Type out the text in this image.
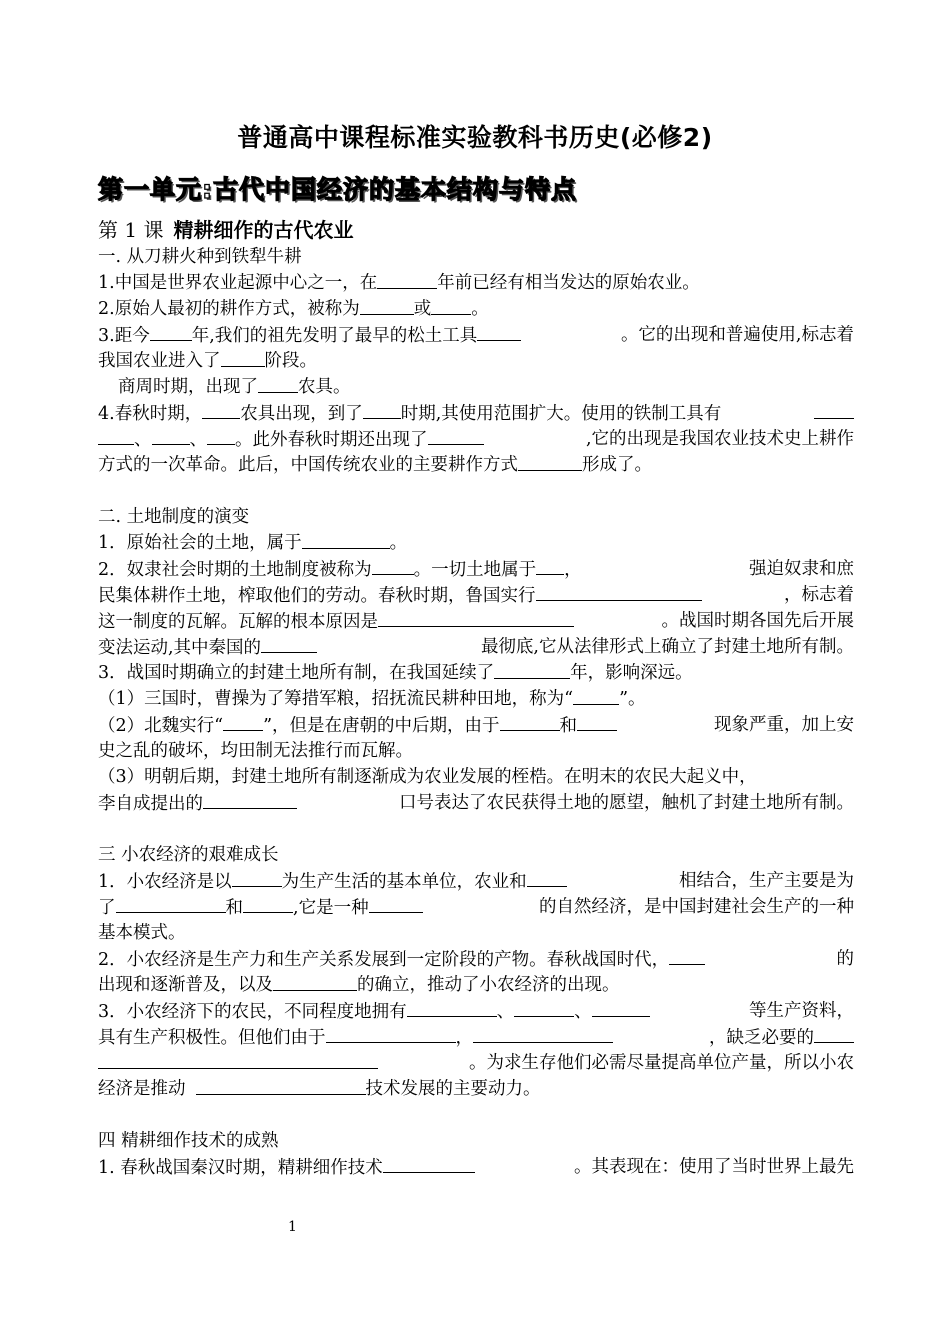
普通高中课程标准实验教科书历史(必修2)
第一单元:古代中国经济的基本结构与特点
第 1 课 精耕细作的古代农业
一. 从刀耕火种到铁犁牛耕
1.中国是世界农业起源中心之一，在	年前已经有相当发达的原始农业。
2.原始人最初的耕作方式，被称为	或 。
3.距今 年,我们的祖先发明了最早的松土工具	。它的出现和普遍使用,标志着
我国农业进入了	阶段。
商周时期，出现了 农具。
4.春秋时期， 农具出现，到了 时期,其使用范围扩大。使用的铁制工具有
、 、 。此外春秋时期还出现了	,它的出现是我国农业技术史上耕作
方式的一次革命。此后，中国传统农业的主要耕作方式	形成了。
二. 土地制度的演变
1．原始社会的土地，属于	。
2．奴隶社会时期的土地制度被称为 。一切土地属于 ，	强迫奴隶和庶
民集体耕作土地，榨取他们的劳动。春秋时期，鲁国实行	，标志着
这一制度的瓦解。瓦解的根本原因是	。战国时期各国先后开展
变法运动,其中秦国的	最彻底,它从法律形式上确立了封建土地所有制。
3．战国时期确立的封建土地所有制，在我国延续了	年，影响深远。
（1）三国时，曹操为了筹措军粮，招抚流民耕种田地，称为“	”。
（2）北魏实行“ ”，但是在唐朝的中后期，由于	和	现象严重，加上安
史之乱的破坏，均田制无法推行而瓦解。
（3）明朝后期，封建土地所有制逐渐成为农业发展的桎梏。在明末的农民大起义中，
李自成提出的	口号表达了农民获得土地的愿望，触机了封建土地所有制。
三 小农经济的艰难成长
1．小农经济是以	为生产生活的基本单位，农业和	相结合，生产主要是为
了	和	,它是一种	的自然经济，是中国封建社会生产的一种
基本模式。
2．小农经济是生产力和生产关系发展到一定阶段的产物。春秋战国时代，	的
出现和逐渐普及，以及	的确立，推动了小农经济的出现。
3．小农经济下的农民，不同程度地拥有	、	、	等生产资料，
具有生产积极性。但他们由于	，	，缺乏必要的
。为求生存他们必需尽量提高单位产量，所以小农
经济是推动	技术发展的主要动力。
四 精耕细作技术的成熟
1. 春秋战国秦汉时期，精耕细作技术	。其表现在：使用了当时世界上最先
1
